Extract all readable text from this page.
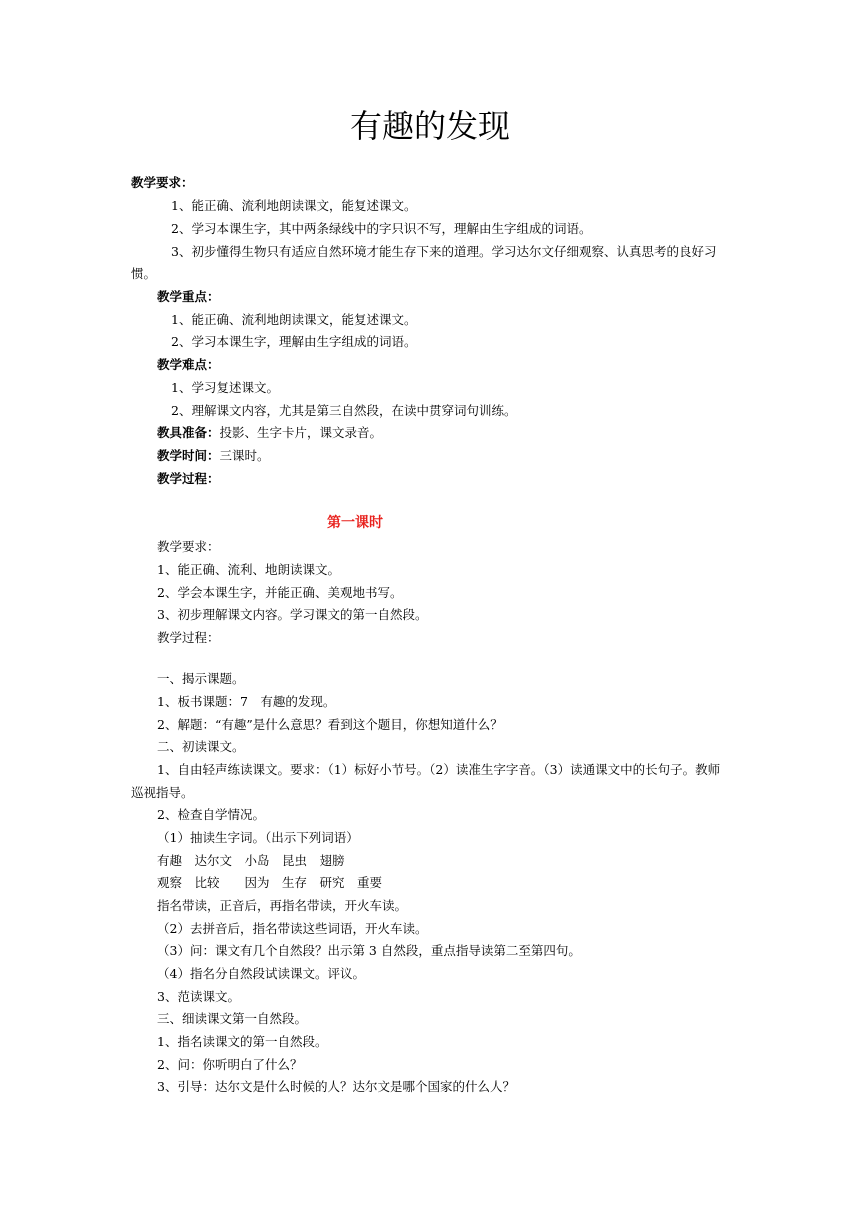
有趣的发现
教学要求：
1、能正确、流利地朗读课文，能复述课文。
2、学习本课生字，其中两条绿线中的字只识不写，理解由生字组成的词语。
3、初步懂得生物只有适应自然环境才能生存下来的道理。学习达尔文仔细观察、认真思考的良好习
惯。
教学重点：
1、能正确、流利地朗读课文，能复述课文。
2、学习本课生字，理解由生字组成的词语。
教学难点：
1、学习复述课文。
2、理解课文内容，尤其是第三自然段，在读中贯穿词句训练。
教具准备：投影、生字卡片，课文录音。
教学时间：三课时。
教学过程：
第一课时
教学要求：
1、能正确、流利、地朗读课文。
2、学会本课生字，并能正确、美观地书写。
3、初步理解课文内容。学习课文的第一自然段。
教学过程：
一、揭示课题。
1、板书课题：7　有趣的发现。
2、解题：“有趣”是什么意思？看到这个题目，你想知道什么？
二、初读课文。
1、自由轻声练读课文。要求：（1）标好小节号。（2）读准生字字音。（3）读通课文中的长句子。教师
巡视指导。
2、检查自学情况。
（1）抽读生字词。（出示下列词语）
有趣　达尔文　小岛　昆虫　翅膀
观察　比较　　因为　生存　研究　重要
指名带读，正音后，再指名带读，开火车读。
（2）去拼音后，指名带读这些词语，开火车读。
（3）问：课文有几个自然段？出示第 3 自然段，重点指导读第二至第四句。
（4）指名分自然段试读课文。评议。
3、范读课文。
三、细读课文第一自然段。
1、指名读课文的第一自然段。
2、问：你听明白了什么？
3、引导：达尔文是什么时候的人？达尔文是哪个国家的什么人？
